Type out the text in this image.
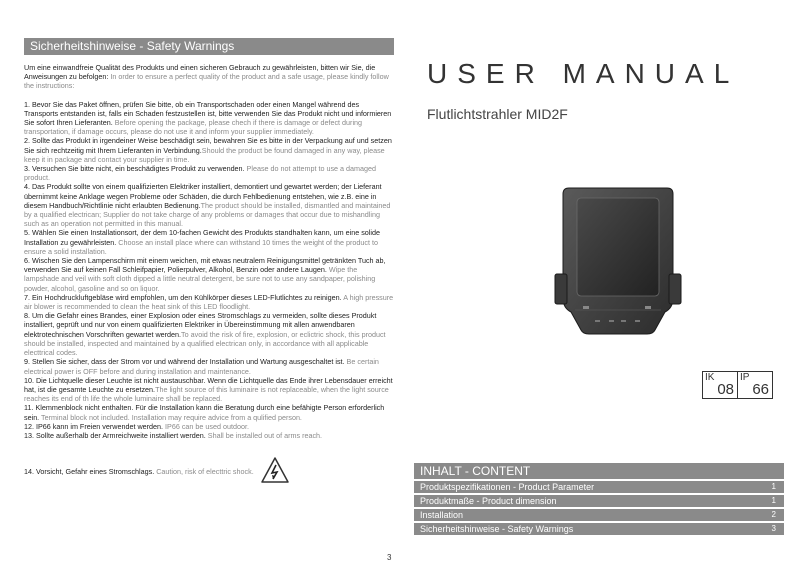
Sicherheitshinweise - Safety Warnings

Um eine einwandfreie Qualität des Produkts und einen sicheren Gebrauch zu gewährleisten, bitten wir Sie, die Anweisungen zu befolgen: In order to ensure a perfect quality of the product and a safe usage, please kindly follow the instructions:

1. Bevor Sie das Paket öffnen, prüfen Sie bitte, ob ein Transportschaden oder einen Mangel während des Transports entstanden ist, falls ein Schaden festzustellen ist, bitte verwenden Sie das Produkt nicht und informieren Sie sofort Ihren Lieferanten. Before opening the package, please chech if there is damage or defect during transportation, if damage occurs, please do not use it and inform your supplier immediately.

2. Sollte das Produkt in irgendeiner Weise beschädigt sein, bewahren Sie es bitte in der Verpackung auf und setzen Sie sich rechtzeitig mit Ihrem Lieferanten in Verbindung.Should the product be found damaged in any way, please keep it in package and contact your supplier in time.

3. Versuchen Sie bitte nicht, ein beschädigtes Produkt zu verwenden. Please do not attempt to use a damaged product.

4. Das Produkt sollte von einem qualifizierten Elektriker installiert, demontiert und gewartet werden; der Lieferant übernimmt keine Anklage wegen Probleme oder Schäden, die durch Fehlbedienung entstehen, wie z.B. eine in diesem Handbuch/Richtlinie nicht erlaubten Bedienung.The product should be installed, dismantled and maintained by a qualified electrican; Supplier do not take charge of any problems or damages that occur due to mishandling such as an operation not permitted in this manual.

5. Wählen Sie einen Installationsort, der dem 10-fachen Gewicht des Produkts standhalten kann, um eine solide Installation zu gewährleisten. Choose an install place where can withstand 10 times the weight of the product to ensure a solid installation.

6. Wischen Sie den Lampenschirm mit einem weichen, mit etwas neutralem Reinigungsmittel getränkten Tuch ab, verwenden Sie auf keinen Fall Schleifpapier, Polierpulver, Alkohol, Benzin oder andere Laugen. Wipe the lampshade and veil with soft cloth dipped a little neutral detergent, be sure not to use any sandpaper, polishing powder, alcohol, gasoline and so on liquor.

7. Ein Hochdruckluftgebläse wird empfohlen, um den Kühlkörper dieses LED-Flutlichtes zu reinigen. A high pressure air blower is recommended to clean the heat sink of this LED floodlight.

8. Um die Gefahr eines Brandes, einer Explosion oder eines Stromschlags zu vermeiden, sollte dieses Produkt installiert, geprüft und nur von einem qualifizierten Elektriker in Übereinstimmung mit allen anwendbaren elektrotechnischen Vorschriften gewartet werden.To avoid the risk of fire, explosion, or eclictric shock, this product should be installed, inspected and maintained by a qualified electrican only, in accordance with all applicable electtrical codes.

9. Stellen Sie sicher, dass der Strom vor und während der Installation und Wartung ausgeschaltet ist. Be certain electrical power is OFF before and during installation and maintenance.

10. Die Lichtquelle dieser Leuchte ist nicht austauschbar. Wenn die Lichtquelle das Ende ihrer Lebensdauer erreicht hat, ist die gesamte Leuchte zu ersetzen.The light source of this luminaire is not replaceable, when the light source reaches its end of th life the whole luminaire shall be replaced.

11. Klemmenblock nicht enthalten. Für die Installation kann die Beratung durch eine befähigte Person erforderlich sein. Terminal block not included. Installation may require advice from a qulified person.

12. IP66 kann im Freien verwendet werden. IP66 can be used outdoor.

13. Sollte außerhalb der Armreichweite installiert werden. Shall be installed out of arms reach.

14. Vorsicht, Gefahr eines Stromschlags. Caution, risk of electtric shock.
3
USER MANUAL
Flutlichtstrahler MID2F
IK
08
IP
66
INHALT - CONTENT
Produktspezifikationen - Product Parameter	1
Produktmaße - Product dimension	1
Installation	2
Sicherheitshinweise - Safety Warnings	3
